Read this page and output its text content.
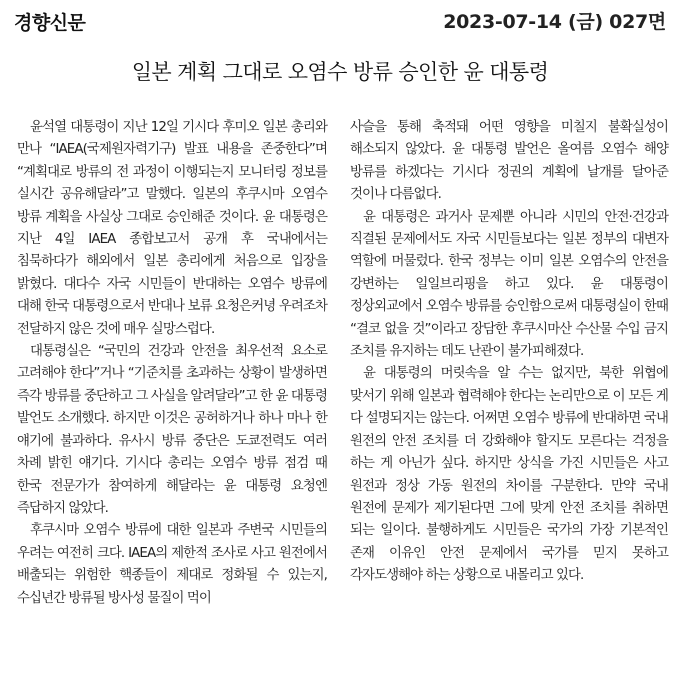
경향신문	2023-07-14 (금) 027면
일본 계획 그대로 오염수 방류 승인한 윤 대통령

윤석열 대통령이 지난 12일 기시다 후미오 일본 총리와 만나 “IAEA(국제원자력기구) 발표 내용을 존중한다”며 “계획대로 방류의 전 과정이 이행되는지 모니터링 정보를 실시간 공유해달라”고 말했다. 일본의 후쿠시마 오염수 방류 계획을 사실상 그대로 승인해준 것이다. 윤 대통령은 지난 4일 IAEA 종합보고서 공개 후 국내에서는 침묵하다가 해외에서 일본 총리에게 처음으로 입장을 밝혔다. 대다수 자국 시민들이 반대하는 오염수 방류에 대해 한국 대통령으로서 반대나 보류 요청은커녕 우려조차 전달하지 않은 것에 매우 실망스럽다.

대통령실은 “국민의 건강과 안전을 최우선적 요소로 고려해야 한다”거나 “기준치를 초과하는 상황이 발생하면 즉각 방류를 중단하고 그 사실을 알려달라”고 한 윤 대통령 발언도 소개했다. 하지만 이것은 공허하거나 하나 마나 한 얘기에 불과하다. 유사시 방류 중단은 도쿄전력도 여러 차례 밝힌 얘기다. 기시다 총리는 오염수 방류 점검 때 한국 전문가가 참여하게 해달라는 윤 대통령 요청엔 즉답하지 않았다.

후쿠시마 오염수 방류에 대한 일본과 주변국 시민들의 우려는 여전히 크다. IAEA의 제한적 조사로 사고 원전에서 배출되는 위험한 핵종들이 제대로 정화될 수 있는지, 수십년간 방류될 방사성 물질이 먹이

사슬을 통해 축적돼 어떤 영향을 미칠지 불확실성이 해소되지 않았다. 윤 대통령 발언은 올여름 오염수 해양 방류를 하겠다는 기시다 정권의 계획에 날개를 달아준 것이나 다름없다.

윤 대통령은 과거사 문제뿐 아니라 시민의 안전·건강과 직결된 문제에서도 자국 시민들보다는 일본 정부의 대변자 역할에 머물렀다. 한국 정부는 이미 일본 오염수의 안전을 강변하는 일일브리핑을 하고 있다. 윤 대통령이 정상외교에서 오염수 방류를 승인함으로써 대통령실이 한때 “결코 없을 것”이라고 장담한 후쿠시마산 수산물 수입 금지 조치를 유지하는 데도 난관이 불가피해졌다.

윤 대통령의 머릿속을 알 수는 없지만, 북한 위협에 맞서기 위해 일본과 협력해야 한다는 논리만으로 이 모든 게 다 설명되지는 않는다. 어쩌면 오염수 방류에 반대하면 국내 원전의 안전 조치를 더 강화해야 할지도 모른다는 걱정을 하는 게 아닌가 싶다. 하지만 상식을 가진 시민들은 사고 원전과 정상 가동 원전의 차이를 구분한다. 만약 국내 원전에 문제가 제기된다면 그에 맞게 안전 조치를 취하면 되는 일이다. 불행하게도 시민들은 국가의 가장 기본적인 존재 이유인 안전 문제에서 국가를 믿지 못하고 각자도생해야 하는 상황으로 내몰리고 있다.
